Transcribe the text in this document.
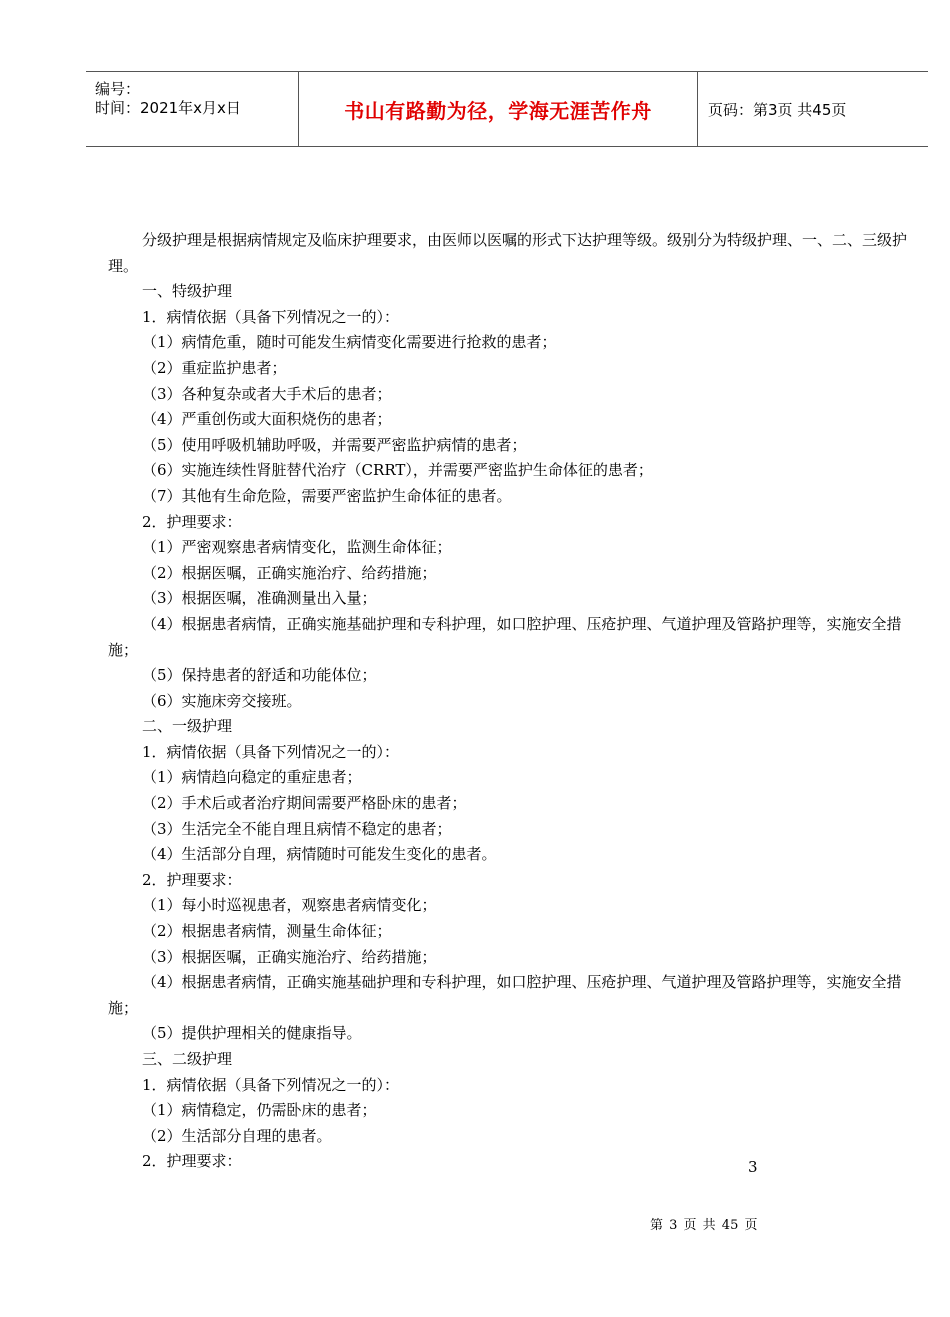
编号：
时间：2021年x月x日	书山有路勤为径，学海无涯苦作舟	页码：第3页 共45页
分级护理是根据病情规定及临床护理要求，由医师以医嘱的形式下达护理等级。级别分为特级护理、一、二、三级护理。
一、特级护理
1．病情依据（具备下列情况之一的）：
（1）病情危重，随时可能发生病情变化需要进行抢救的患者；
（2）重症监护患者；
（3）各种复杂或者大手术后的患者；
（4）严重创伤或大面积烧伤的患者；
（5）使用呼吸机辅助呼吸，并需要严密监护病情的患者；
（6）实施连续性肾脏替代治疗（CRRT），并需要严密监护生命体征的患者；
（7）其他有生命危险，需要严密监护生命体征的患者。
2．护理要求：
（1）严密观察患者病情变化，监测生命体征；
（2）根据医嘱，正确实施治疗、给药措施；
（3）根据医嘱，准确测量出入量；
（4）根据患者病情，正确实施基础护理和专科护理，如口腔护理、压疮护理、气道护理及管路护理等，实施安全措施；
（5）保持患者的舒适和功能体位；
（6）实施床旁交接班。
二、一级护理
1．病情依据（具备下列情况之一的）：
（1）病情趋向稳定的重症患者；
（2）手术后或者治疗期间需要严格卧床的患者；
（3）生活完全不能自理且病情不稳定的患者；
（4）生活部分自理，病情随时可能发生变化的患者。
2．护理要求：
（1）每小时巡视患者，观察患者病情变化；
（2）根据患者病情，测量生命体征；
（3）根据医嘱，正确实施治疗、给药措施；
（4）根据患者病情，正确实施基础护理和专科护理，如口腔护理、压疮护理、气道护理及管路护理等，实施安全措施；
（5）提供护理相关的健康指导。
三、二级护理
1．病情依据（具备下列情况之一的）：
（1）病情稳定，仍需卧床的患者；
（2）生活部分自理的患者。
2．护理要求：	3
第 3 页 共 45 页
